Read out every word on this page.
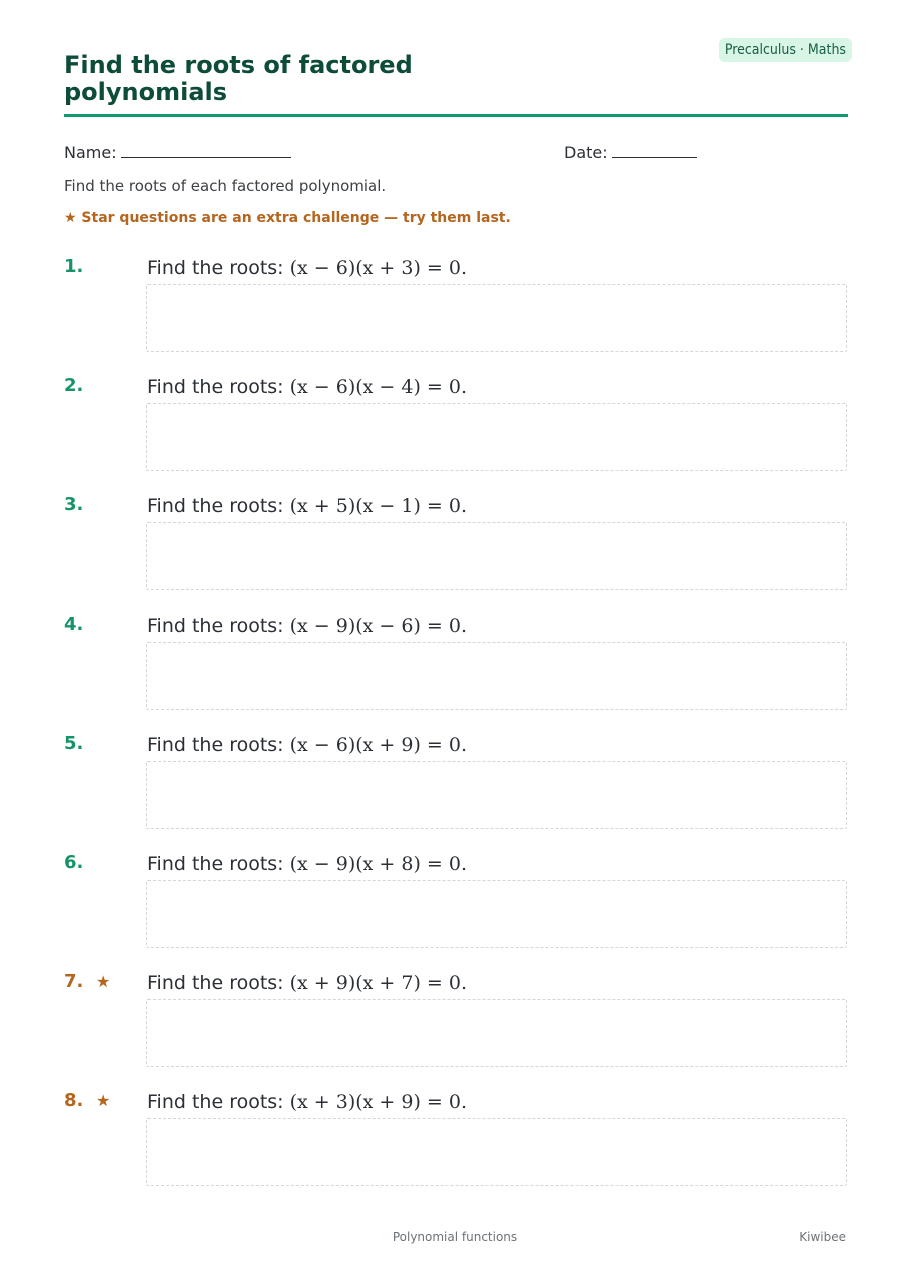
Precalculus · Maths
Find the roots of factored polynomials
Name:	Date:
Find the roots of each factored polynomial.
★ Star questions are an extra challenge — try them last.
1.	Find the roots: (x − 6)(x + 3) = 0.
2.	Find the roots: (x − 6)(x − 4) = 0.
3.	Find the roots: (x + 5)(x − 1) = 0.
4.	Find the roots: (x − 9)(x − 6) = 0.
5.	Find the roots: (x − 6)(x + 9) = 0.
6.	Find the roots: (x − 9)(x + 8) = 0.
7. ★ Find the roots: (x + 9)(x + 7) = 0.
8. ★ Find the roots: (x + 3)(x + 9) = 0.
Polynomial functions	Kiwibee
